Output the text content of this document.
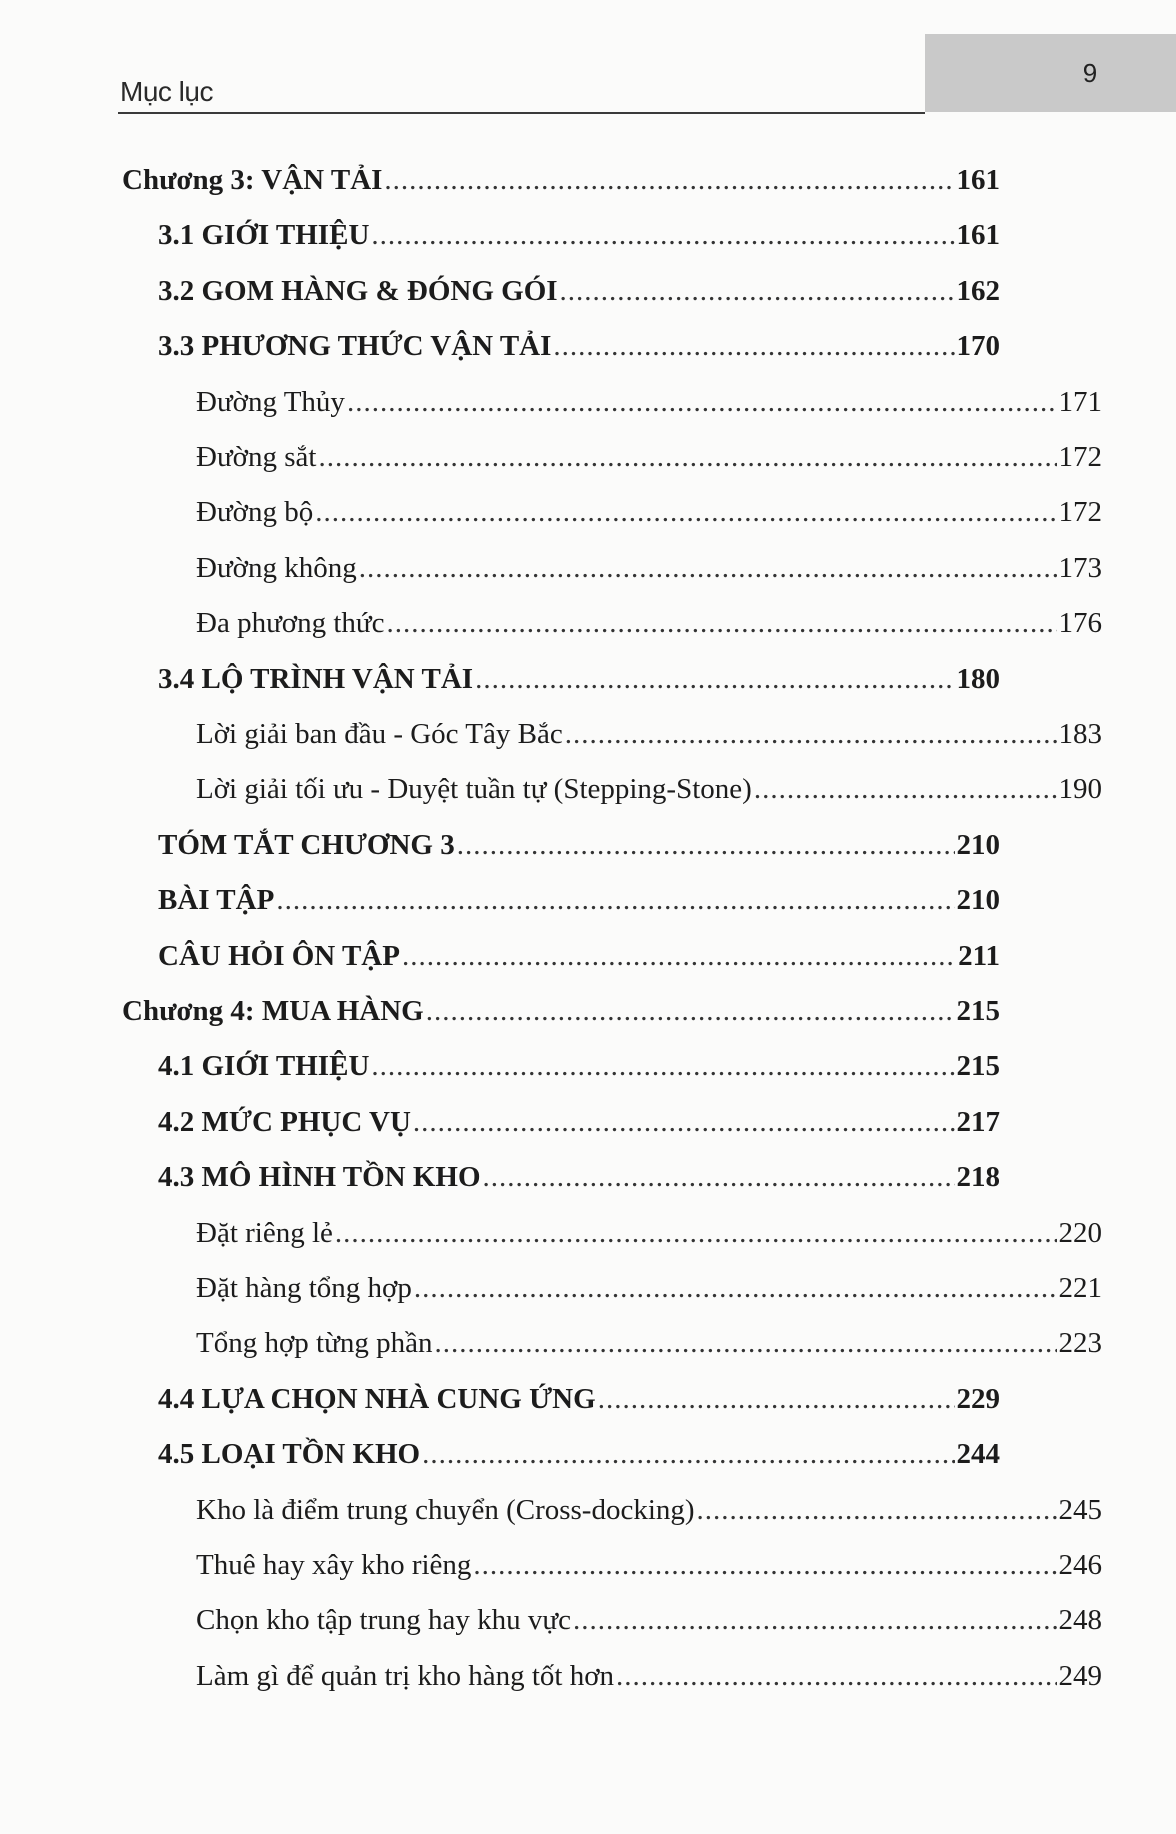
9
Mục lục
Chương 3: VẬN TẢI .....	161
3.1 GIỚI THIỆU .....	161
3.2 GOM HÀNG & ĐÓNG GÓI .....	162
3.3 PHƯƠNG THỨC VẬN TẢI .....	170
Đường Thủy .....	171
Đường sắt .....	172
Đường bộ .....	172
Đường không .....	173
Đa phương thức .....	176
3.4 LỘ TRÌNH VẬN TẢI .....	180
Lời giải ban đầu - Góc Tây Bắc .....	183
Lời giải tối ưu - Duyệt tuần tự (Stepping-Stone) .....	190
TÓM TẮT CHƯƠNG 3 .....	210
BÀI TẬP .....	210
CÂU HỎI ÔN TẬP .....	211
Chương 4: MUA HÀNG .....	215
4.1 GIỚI THIỆU .....	215
4.2 MỨC PHỤC VỤ .....	217
4.3 MÔ HÌNH TỒN KHO .....	218
Đặt riêng lẻ .....	220
Đặt hàng tổng hợp .....	221
Tổng hợp từng phần .....	223
4.4 LỰA CHỌN NHÀ CUNG ỨNG .....	229
4.5 LOẠI TỒN KHO .....	244
Kho là điểm trung chuyển (Cross-docking) .....	245
Thuê hay xây kho riêng .....	246
Chọn kho tập trung hay khu vực .....	248
Làm gì để quản trị kho hàng tốt hơn .....	249
